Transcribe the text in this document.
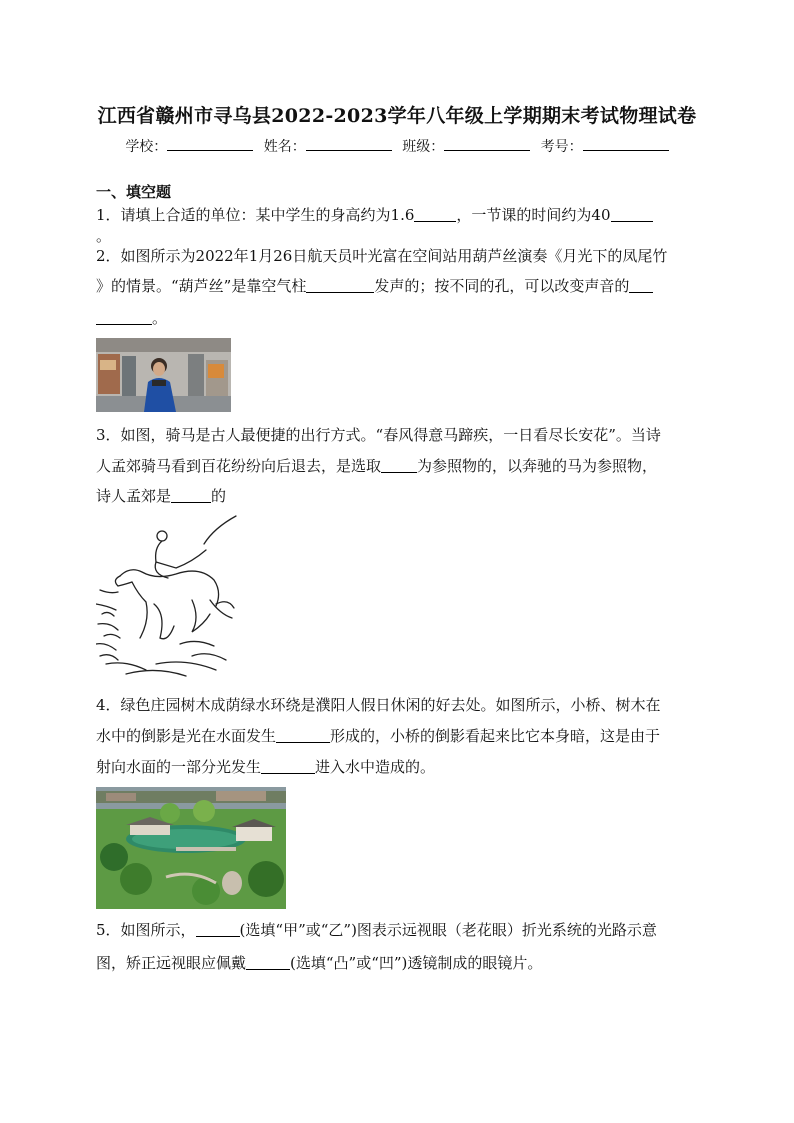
江西省赣州市寻乌县2022-2023学年八年级上学期期末考试物理试卷
学校：	姓名：	班级：	考号：
一、填空题
1．请填上合适的单位：某中学生的身高约为1.6	，一节课的时间约为40
。
2．如图所示为2022年1月26日航天员叶光富在空间站用葫芦丝演奏《月光下的凤尾竹
》的情景。“葫芦丝”是靠空气柱	发声的；按不同的孔，可以改变声音的
。
3．如图，骑马是古人最便捷的出行方式。“春风得意马蹄疾，一日看尽长安花”。当诗
人孟郊骑马看到百花纷纷向后退去，是选取 为参照物的，以奔驰的马为参照物，
诗人孟郊是	的
4．绿色庄园树木成荫绿水环绕是濮阳人假日休闲的好去处。如图所示，小桥、树木在
水中的倒影是光在水面发生	形成的，小桥的倒影看起来比它本身暗，这是由于
射向水面的一部分光发生	进入水中造成的。
5．如图所示，	(选填“甲”或“乙”)图表示远视眼（老花眼）折光系统的光路示意
图，矫正远视眼应佩戴	(选填“凸”或“凹”)透镜制成的眼镜片。
